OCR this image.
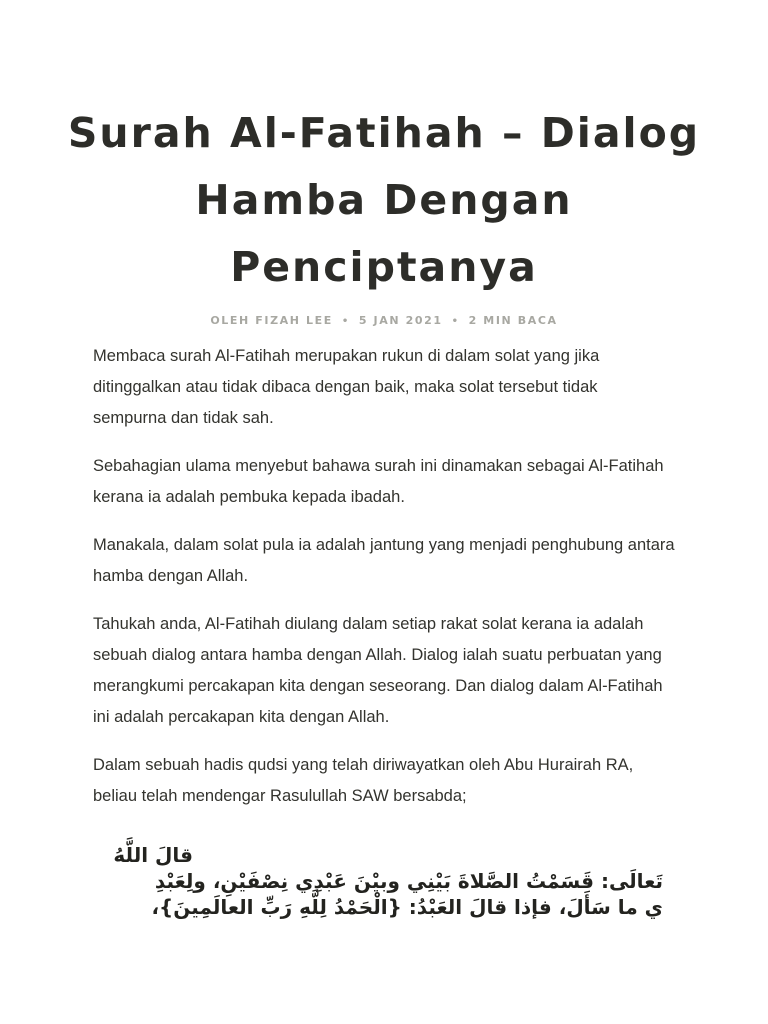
Surah Al-Fatihah – Dialog Hamba Dengan Penciptanya
OLEH FIZAH LEE • 5 JAN 2021 • 2 MIN BACA

Membaca surah Al-Fatihah merupakan rukun di dalam solat yang jika ditinggalkan atau tidak dibaca dengan baik, maka solat tersebut tidak sempurna dan tidak sah.

Sebahagian ulama menyebut bahawa surah ini dinamakan sebagai Al-Fatihah kerana ia adalah pembuka kepada ibadah.

Manakala, dalam solat pula ia adalah jantung yang menjadi penghubung antara hamba dengan Allah.

Tahukah anda, Al-Fatihah diulang dalam setiap rakat solat kerana ia adalah sebuah dialog antara hamba dengan Allah. Dialog ialah suatu perbuatan yang merangkumi percakapan kita dengan seseorang. Dan dialog dalam Al-Fatihah ini adalah percakapan kita dengan Allah.

Dalam sebuah hadis qudsi yang telah diriwayatkan oleh Abu Hurairah RA, beliau telah mendengar Rasulullah SAW bersabda;

قالَ اللَّهُ
تَعالَى: قَسَمْتُ الصَّلاةَ بَيْنِي وبيْنَ عَبْدِي نِصْفَيْنِ، ولِعَبْدِ
ي ما سَأَلَ، فإذا قالَ العَبْدُ: {الْحَمْدُ لِلَّهِ رَبِّ العالَمِينَ}،
